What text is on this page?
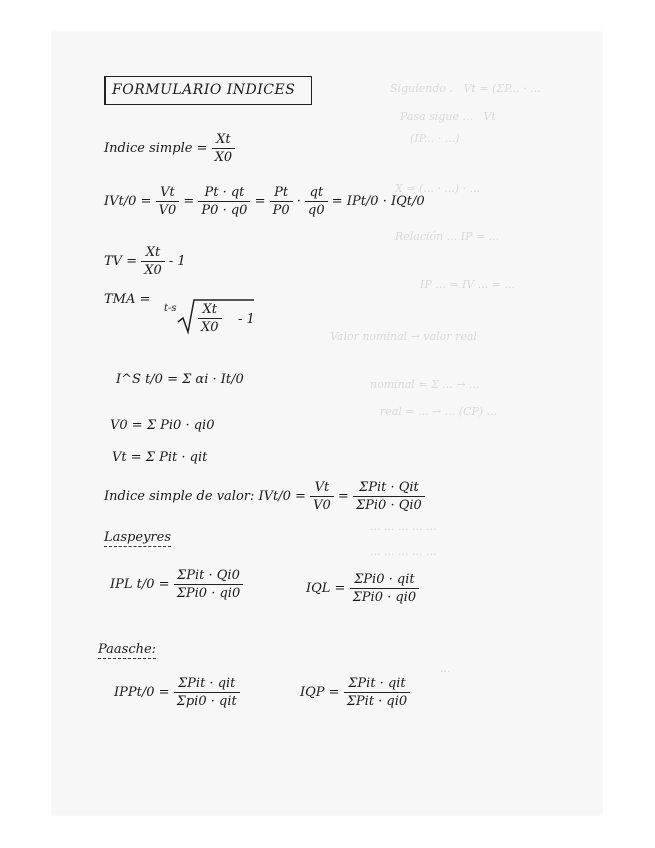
Siguiendo .   Vt = (ΣP... · ...
Pasa sigue ...   Vt
(IP... · ...)
X = (... · ...) · ...
Relación ... IP = ...
IP ... = IV ... = ...
Valor nominal → valor real
nominal = Σ ... → ...
real = ... → ... (CP) ...
... ... ... ... ...
... ... ... ... ...
...
FORMULARIO INDICES
Indice simple = $\frac{Xt}{X0}$
$IVt/0 = \frac{Vt}{V0} = \frac{Pt \cdot qt}{P0 \cdot q0} = \frac{Pt}{P0} \cdot \frac{qt}{q0} = IPt/0 \cdot IQt/0$
TV = $\frac{Xt}{X0} - 1$
TMA =
$t-s \frac{Xt}{X0} - 1$
I^S t/0 = Σ αi · It/0
V0 = Σ Pi0 · qi0
Vt = Σ Pit · qit
Indice simple de valor: $IVt/0 = \frac{Vt}{V0}$ =
ΣPit · Qit
ΣPi0 · Qi0
Laspeyres
IPL t/0 =
ΣPit · Qi0
ΣPi0 · qi0	IQL =
ΣPi0 · qit
ΣPi0 · qi0
Paasche:
IPPt/0 =
ΣPit · qit
Σpi0 · qit
IQP =
ΣPit · qit
ΣPit · qi0
